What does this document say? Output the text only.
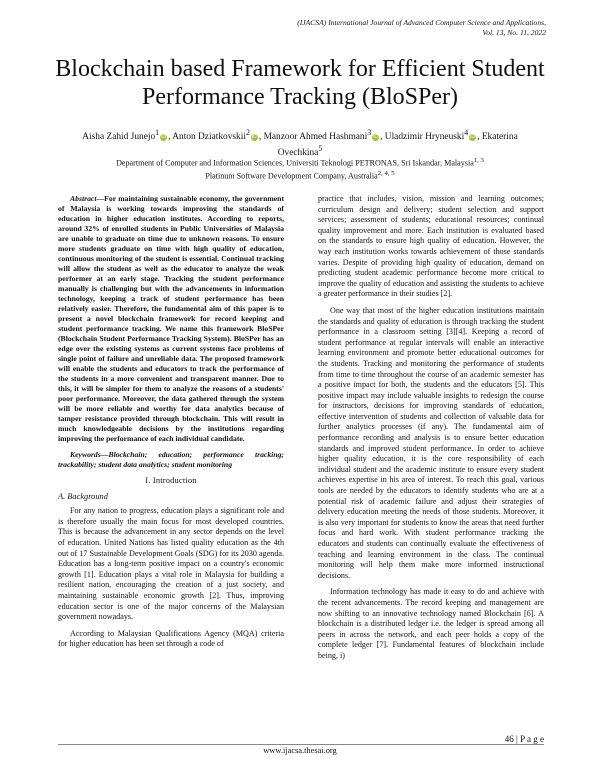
(IJACSA) International Journal of Advanced Computer Science and Applications,
Vol. 13, No. 11, 2022
Blockchain based Framework for Efficient Student Performance Tracking (BloSPer)
Aisha Zahid Junejo$^1$iD , Anton Dziatkovskii$^2$iD , Manzoor Ahmed Hashmani$^3$iD , Uladzimir Hryneuski$^4$iD , Ekaterina Ovechkina$^5$
Department of Computer and Information Sciences, Universiti Teknologi PETRONAS, Sri Iskandar, Malaysia$^{1, 3}$
Platinum Software Development Company, Australia$^{2, 4, 5}$

Abstract—For maintaining sustainable economy, the government of Malaysia is working towards improving the standards of education in higher education institutes. According to reports, around 32% of enrolled students in Public Universities of Malaysia are unable to graduate on time due to unknown reasons. To ensure more students graduate on time with high quality of education, continuous monitoring of the student is essential. Continual tracking will allow the student as well as the educator to analyze the weak performer at an early stage. Tracking the student performance manually is challenging but with the advancements in information technology, keeping a track of student performance has been relatively easier. Therefore, the fundamental aim of this paper is to present a novel blockchain framework for record keeping and student performance tracking. We name this framework BloSPer (Blockchain Student Performance Tracking System). BloSPer has an edge over the existing systems as current systems face problems of single point of failure and unreliable data. The proposed framework will enable the students and educators to track the performance of the students in a more convenient and transparent manner. Due to this, it will be simpler for them to analyze the reasons of a students' poor performance. Moreover, the data gathered through the system will be more reliable and worthy for data analytics because of tamper resistance provided through blockchain. This will result in much knowledgeable decisions by the institutions regarding improving the performance of each individual candidate.

Keywords—Blockchain; education; performance tracking; trackability; student data analytics; student monitoring

I. Introduction
A. Background

For any nation to progress, education plays a significant role and is therefore usually the main focus for most developed countries. This is because the advancement in any sector depends on the level of education. United Nations has listed quality education as the 4th out of 17 Sustainable Development Goals (SDG) for its 2030 agenda. Education has a long-term positive impact on a country's economic growth [1]. Education plays a vital role in Malaysia for building a resilient nation, encouraging the creation of a just society, and maintaining sustainable economic growth [2]. Thus, improving education sector is one of the major concerns of the Malaysian government nowadays.

According to Malaysian Qualifications Agency (MQA) criteria for higher education has been set through a code of

practice that includes, vision, mission and learning outcomes; curriculum design and delivery; student selection and support services; assessment of students; educational resources; continual quality improvement and more. Each institution is evaluated based on the standards to ensure high quality of education. However, the way each institution works towards achievement of those standards varies. Despite of providing high quality of education, demand on predicting student academic performance become more critical to improve the quality of education and assisting the students to achieve a greater performance in their studies [2].

One way that most of the higher education institutions maintain the standards and quality of education is through tracking the student performance in a classroom setting [3][4]. Keeping a record of student performance at regular intervals will enable an interactive learning environment and promote better educational outcomes for the students. Tracking and monitoring the performance of students from time to time throughout the course of an academic semester has a positive impact for both, the students and the educators [5]. This positive impact may include valuable insights to redesign the course for instructors, decisions for improving standards of education, effective intervention of students and collection of valuable data for further analytics processes (if any). The fundamental aim of performance recording and analysis is to ensure better education standards and improved student performance. In order to achieve higher quality education, it is the core responsibility of each individual student and the academic institute to ensure every student achieves expertise in his area of interest. To reach this goal, various tools are needed by the educators to identify students who are at a potential risk of academic failure and adjust their strategies of delivery education meeting the needs of those students. Moreover, it is also very important for students to know the areas that need further focus and hard work. With student performance tracking the educators and students can continually evaluate the effectiveness of teaching and learning environment in the class. The continual monitoring will help them make more informed instructional decisions.

Information technology has made it easy to do and achieve with the recent advancements. The record keeping and management are now shifting to an innovative technology named Blockchain [6]. A blockchain is a distributed ledger i.e. the ledger is spread among all peers in across the network, and each peer holds a copy of the complete ledger [7]. Fundamental features of blockchain include being, i)

46 | P a g e
www.ijacsa.thesai.org
